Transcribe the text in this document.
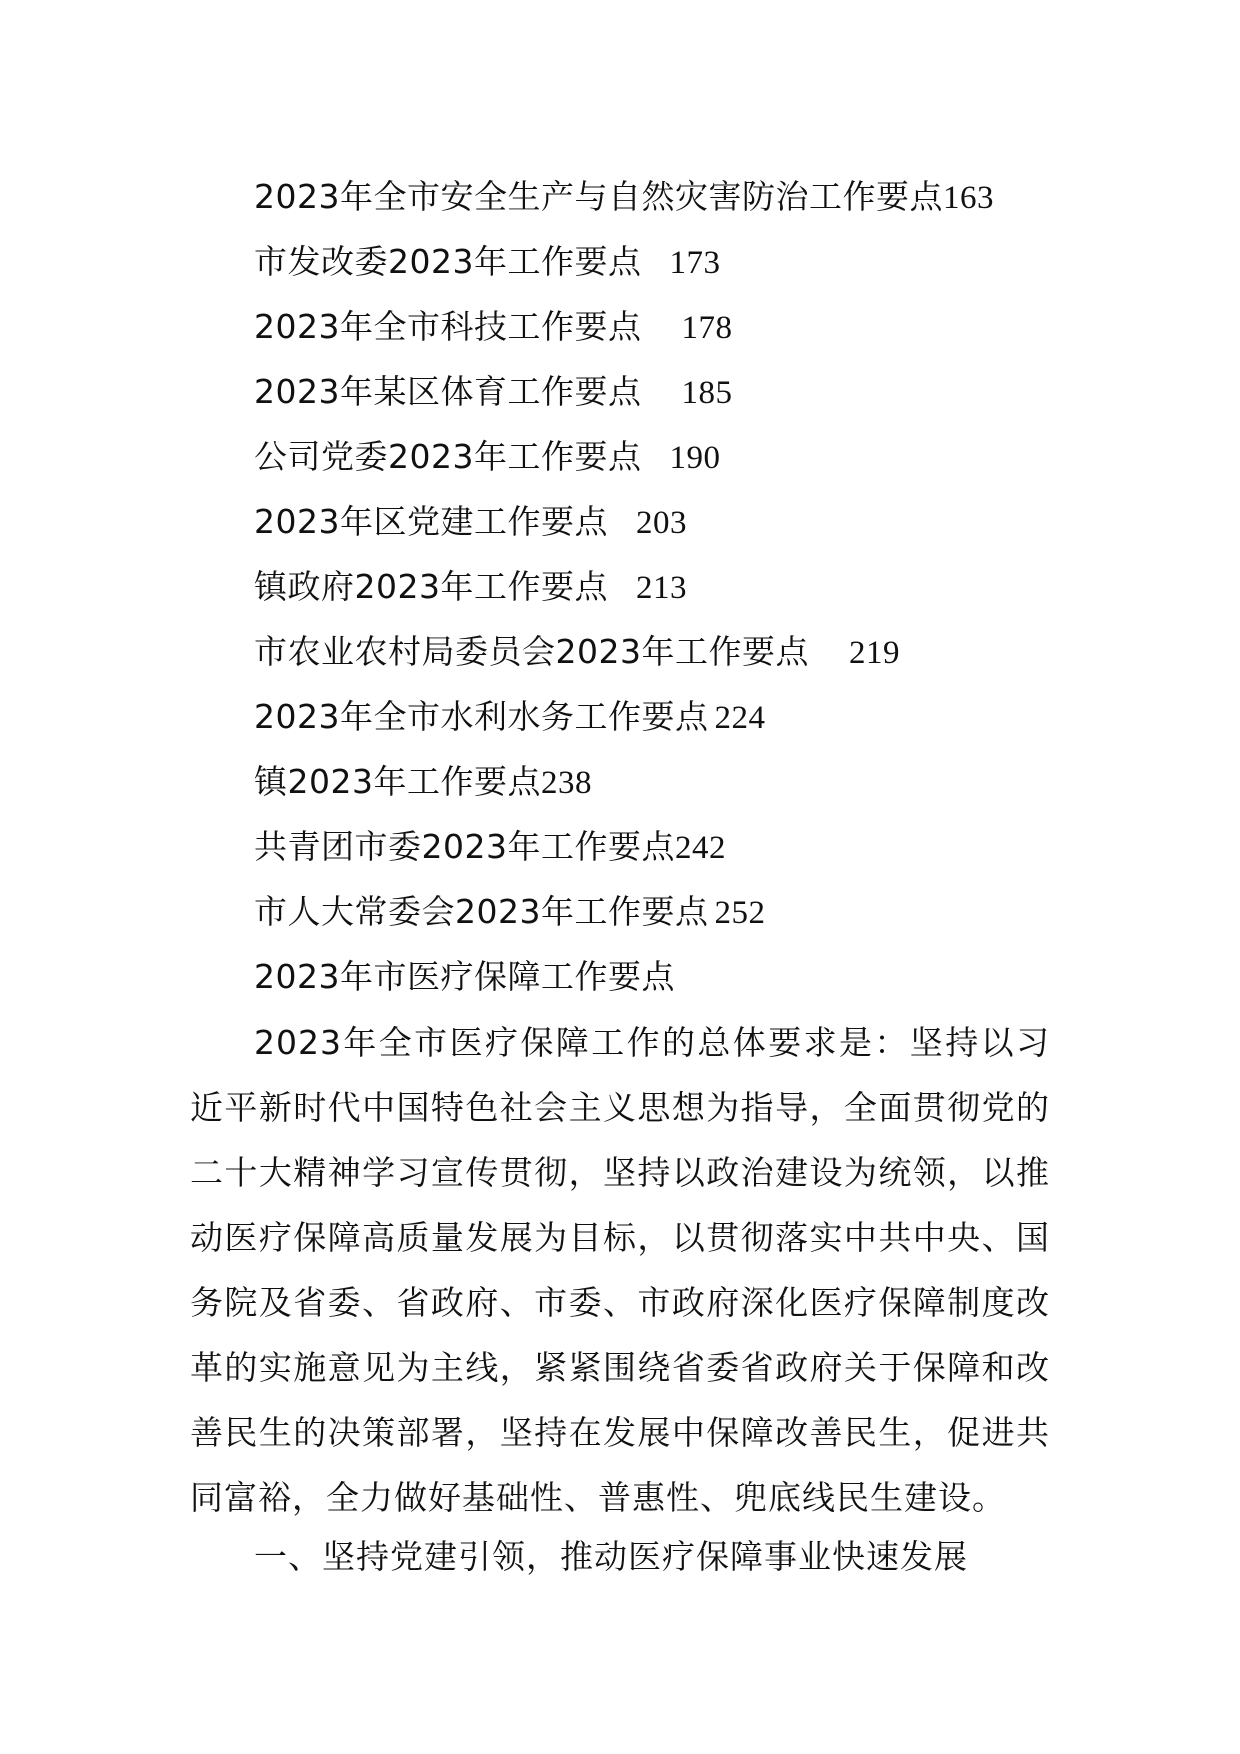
2023年全市安全生产与自然灾害防治工作要点163
市发改委2023年工作要点 173
2023年全市科技工作要点 178
2023年某区体育工作要点 185
公司党委2023年工作要点 190
2023年区党建工作要点 203
镇政府2023年工作要点 213
市农业农村局委员会2023年工作要点 219
2023年全市水利水务工作要点 224
镇2023年工作要点238
共青团市委2023年工作要点242
市人大常委会2023年工作要点 252
2023年市医疗保障工作要点

2023年全市医疗保障工作的总体要求是：坚持以习近平新时代中国特色社会主义思想为指导，全面贯彻党的二十大精神学习宣传贯彻，坚持以政治建设为统领，以推动医疗保障高质量发展为目标，以贯彻落实中共中央、国务院及省委、省政府、市委、市政府深化医疗保障制度改革的实施意见为主线，紧紧围绕省委省政府关于保障和改善民生的决策部署，坚持在发展中保障改善民生，促进共同富裕，全力做好基础性、普惠性、兜底线民生建设。

一、坚持党建引领，推动医疗保障事业快速发展
